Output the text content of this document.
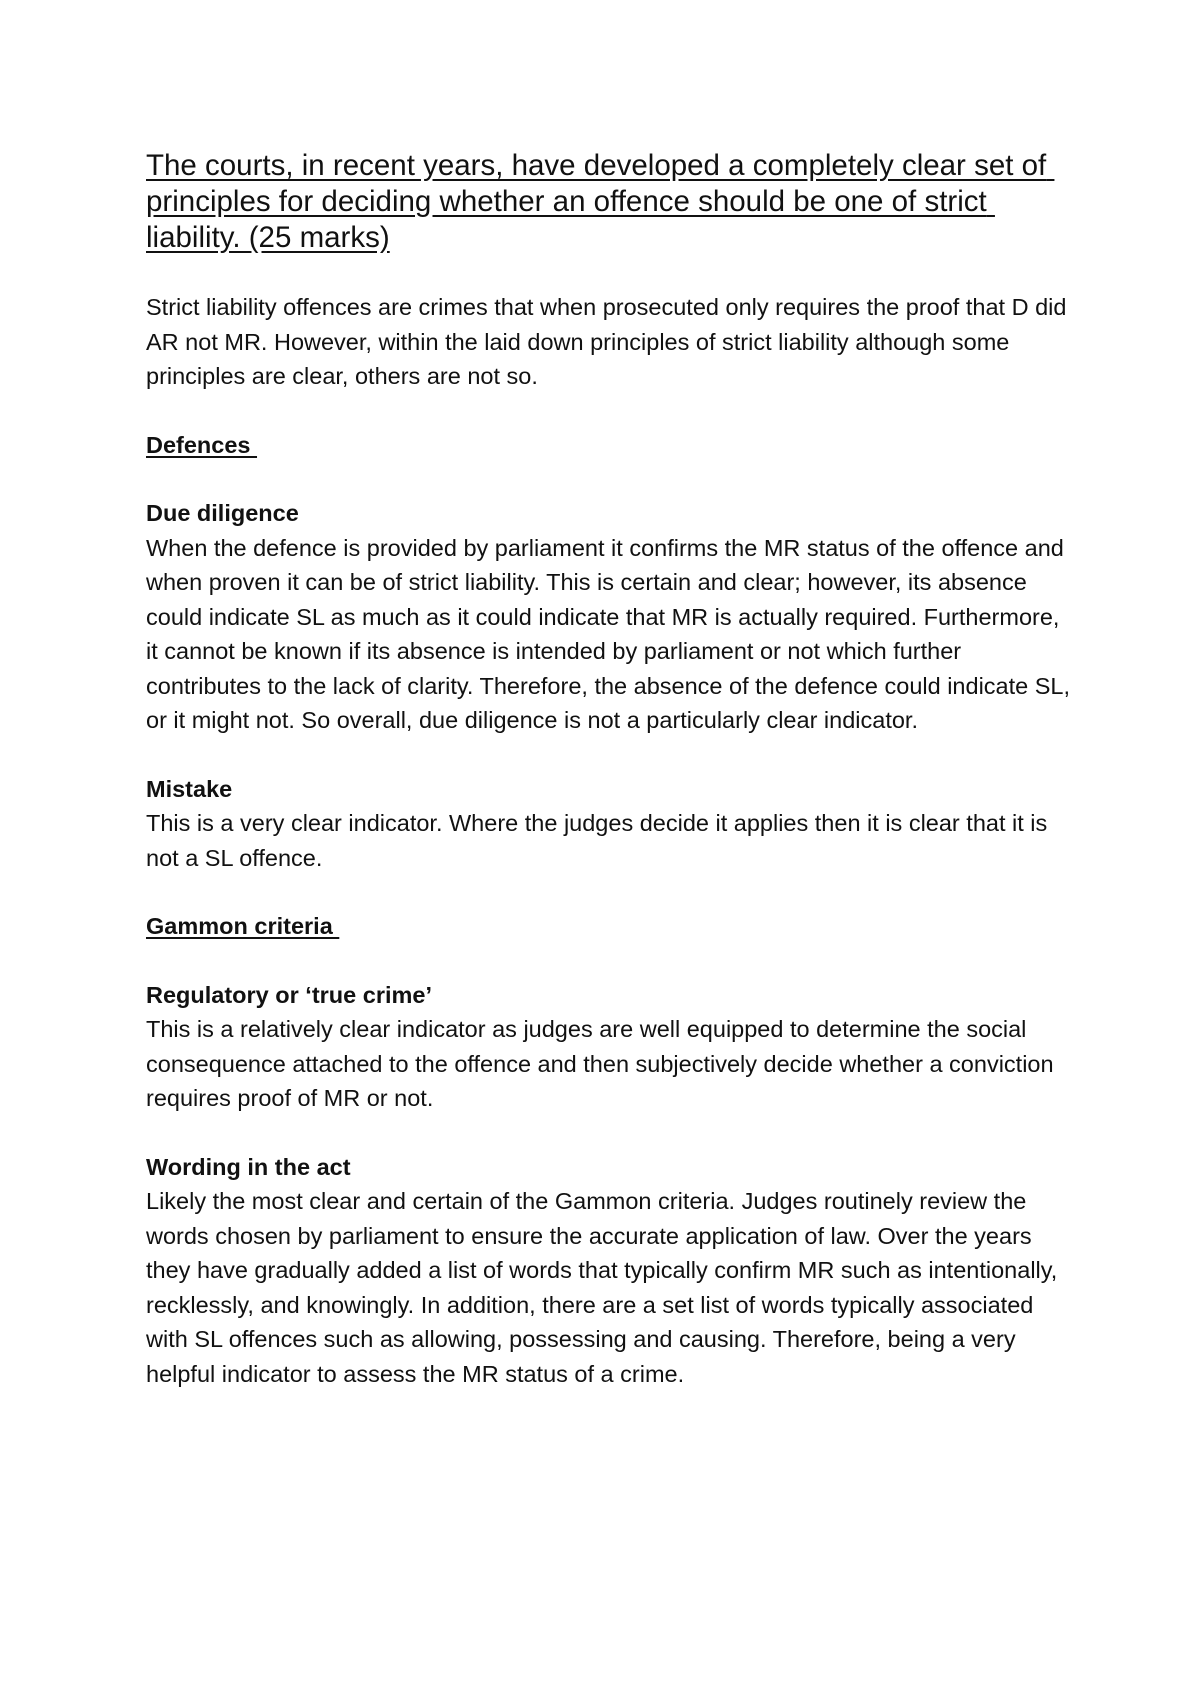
The courts, in recent years, have developed a completely clear set of principles for deciding whether an offence should be one of strict liability. (25 marks)

Strict liability offences are crimes that when prosecuted only requires the proof that D did AR not MR. However, within the laid down principles of strict liability although some principles are clear, others are not so.

Defences
Due diligence

When the defence is provided by parliament it confirms the MR status of the offence and when proven it can be of strict liability. This is certain and clear; however, its absence could indicate SL as much as it could indicate that MR is actually required. Furthermore, it cannot be known if its absence is intended by parliament or not which further contributes to the lack of clarity. Therefore, the absence of the defence could indicate SL, or it might not. So overall, due diligence is not a particularly clear indicator.

Mistake

This is a very clear indicator. Where the judges decide it applies then it is clear that it is not a SL offence.

Gammon criteria
Regulatory or ‘true crime’

This is a relatively clear indicator as judges are well equipped to determine the social consequence attached to the offence and then subjectively decide whether a conviction requires proof of MR or not.

Wording in the act

Likely the most clear and certain of the Gammon criteria. Judges routinely review the words chosen by parliament to ensure the accurate application of law. Over the years they have gradually added a list of words that typically confirm MR such as intentionally, recklessly, and knowingly. In addition, there are a set list of words typically associated with SL offences such as allowing, possessing and causing. Therefore, being a very helpful indicator to assess the MR status of a crime.
